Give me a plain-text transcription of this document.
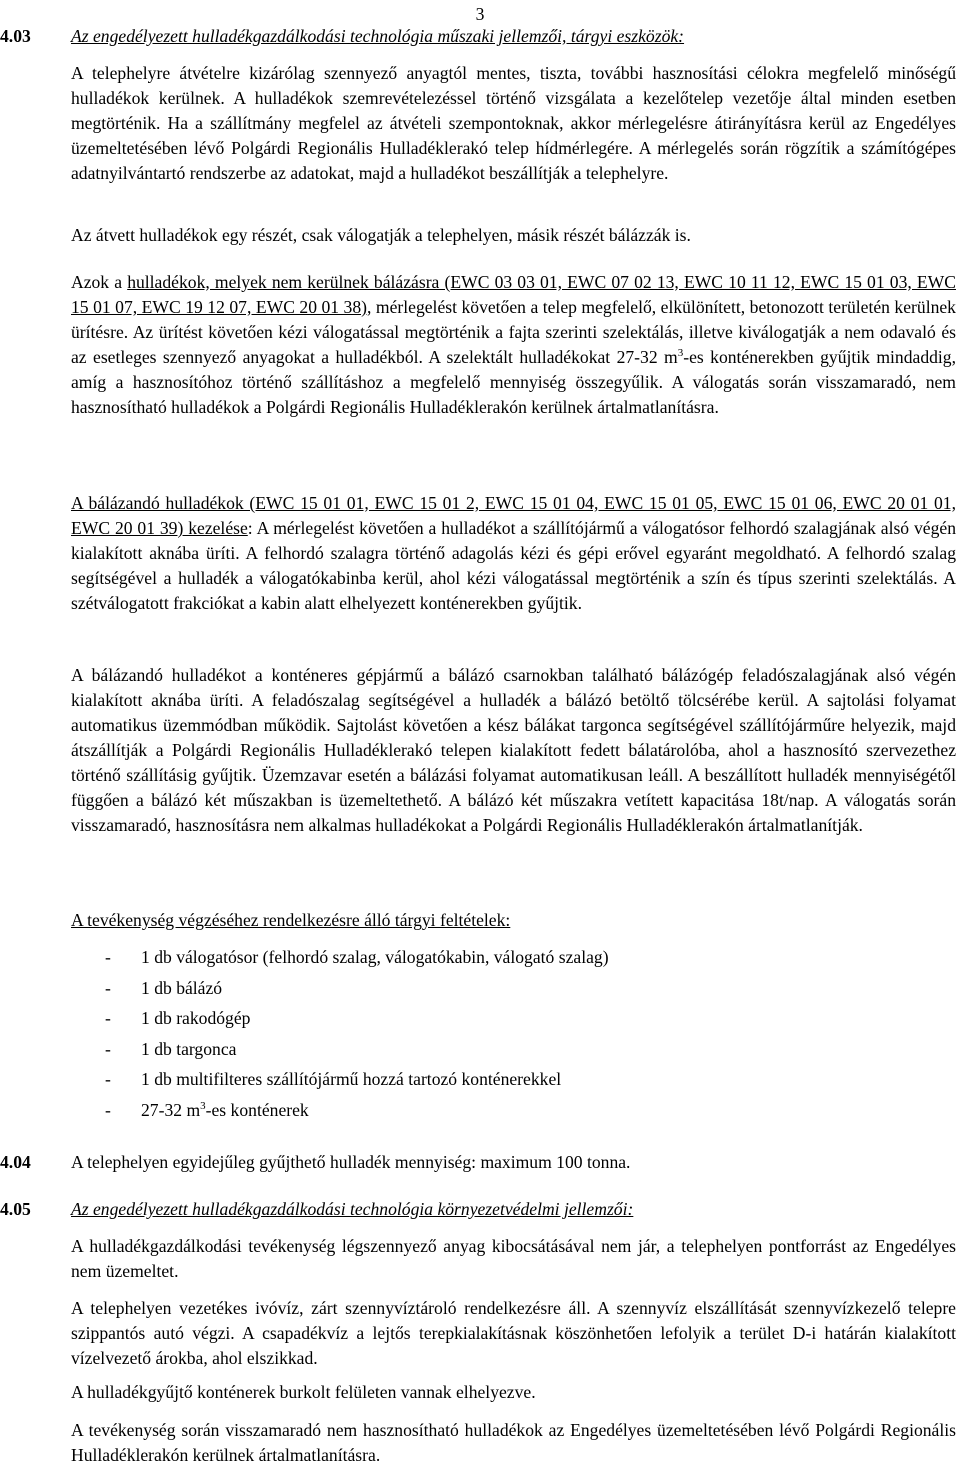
3
4.03 Az engedélyezett hulladékgazdálkodási technológia műszaki jellemzői, tárgyi eszközök:

A telephelyre átvételre kizárólag szennyező anyagtól mentes, tiszta, további hasznosítási célokra megfelelő minőségű hulladékok kerülnek. A hulladékok szemrevételezéssel történő vizsgálata a kezelőtelep vezetője által minden esetben megtörténik. Ha a szállítmány megfelel az átvételi szempontoknak, akkor mérlegelésre átirányításra kerül az Engedélyes üzemeltetésében lévő Polgárdi Regionális Hulladéklerakó telep hídmérlegére. A mérlegelés során rögzítik a számítógépes adatnyilvántartó rendszerbe az adatokat, majd a hulladékot beszállítják a telephelyre.

Az átvett hulladékok egy részét, csak válogatják a telephelyen, másik részét bálázzák is.

Azok a hulladékok, melyek nem kerülnek bálázásra (EWC 03 03 01, EWC 07 02 13, EWC 10 11 12, EWC 15 01 03, EWC 15 01 07, EWC 19 12 07, EWC 20 01 38), mérlegelést követően a telep megfelelő, elkülönített, betonozott területén kerülnek ürítésre. Az ürítést követően kézi válogatással megtörténik a fajta szerinti szelektálás, illetve kiválogatják a nem odavaló és az esetleges szennyező anyagokat a hulladékból. A szelektált hulladékokat 27-32 $m^3-es$ konténerekben gyűjtik mindaddig, amíg a hasznosítóhoz történő szállításhoz a megfelelő mennyiség összegyűlik. A válogatás során visszamaradó, nem hasznosítható hulladékok a Polgárdi Regionális Hulladéklerakón kerülnek ártalmatlanításra.

A bálázandó hulladékok (EWC 15 01 01, EWC 15 01 2, EWC 15 01 04, EWC 15 01 05, EWC 15 01 06, EWC 20 01 01, EWC 20 01 39) kezelése: A mérlegelést követően a hulladékot a szállítójármű a válogatósor felhordó szalagjának alsó végén kialakított aknába üríti. A felhordó szalagra történő adagolás kézi és gépi erővel egyaránt megoldható. A felhordó szalag segítségével a hulladék a válogatókabinba kerül, ahol kézi válogatással megtörténik a szín és típus szerinti szelektálás. A szétválogatott frakciókat a kabin alatt elhelyezett konténerekben gyűjtik.

A bálázandó hulladékot a konténeres gépjármű a bálázó csarnokban található bálázógép feladószalagjának alsó végén kialakított aknába üríti. A feladószalag segítségével a hulladék a bálázó betöltő tölcsérébe kerül. A sajtolási folyamat automatikus üzemmódban működik. Sajtolást követően a kész bálákat targonca segítségével szállítójárműre helyezik, majd átszállítják a Polgárdi Regionális Hulladéklerakó telepen kialakított fedett bálatárolóba, ahol a hasznosító szervezethez történő szállításig gyűjtik. Üzemzavar esetén a bálázási folyamat automatikusan leáll. A beszállított hulladék mennyiségétől függően a bálázó két műszakban is üzemeltethető. A bálázó két műszakra vetített kapacitása 18t/nap. A válogatás során visszamaradó, hasznosításra nem alkalmas hulladékokat a Polgárdi Regionális Hulladéklerakón ártalmatlanítják.

A tevékenység végzéséhez rendelkezésre álló tárgyi feltételek:
- 1 db válogatósor (felhordó szalag, válogatókabin, válogató szalag)
- 1 db bálázó
- 1 db rakodógép
- 1 db targonca
- 1 db multifilteres szállítójármű hozzá tartozó konténerekkel
- 27-32 $m^3-es$ konténerek
4.04 A telephelyen egyidejűleg gyűjthető hulladék mennyiség: maximum 100 tonna.
4.05 Az engedélyezett hulladékgazdálkodási technológia környezetvédelmi jellemzői:

A hulladékgazdálkodási tevékenység légszennyező anyag kibocsátásával nem jár, a telephelyen pontforrást az Engedélyes nem üzemeltet.

A telephelyen vezetékes ivóvíz, zárt szennyvíztároló rendelkezésre áll. A szennyvíz elszállítását szennyvízkezelő telepre szippantós autó végzi. A csapadékvíz a lejtős terepkialakításnak köszönhetően lefolyik a terület D-i határán kialakított vízelvezető árokba, ahol elszikkad.

A hulladékgyűjtő konténerek burkolt felületen vannak elhelyezve.

A tevékenység során visszamaradó nem hasznosítható hulladékok az Engedélyes üzemeltetésében lévő Polgárdi Regionális Hulladéklerakón kerülnek ártalmatlanításra.
